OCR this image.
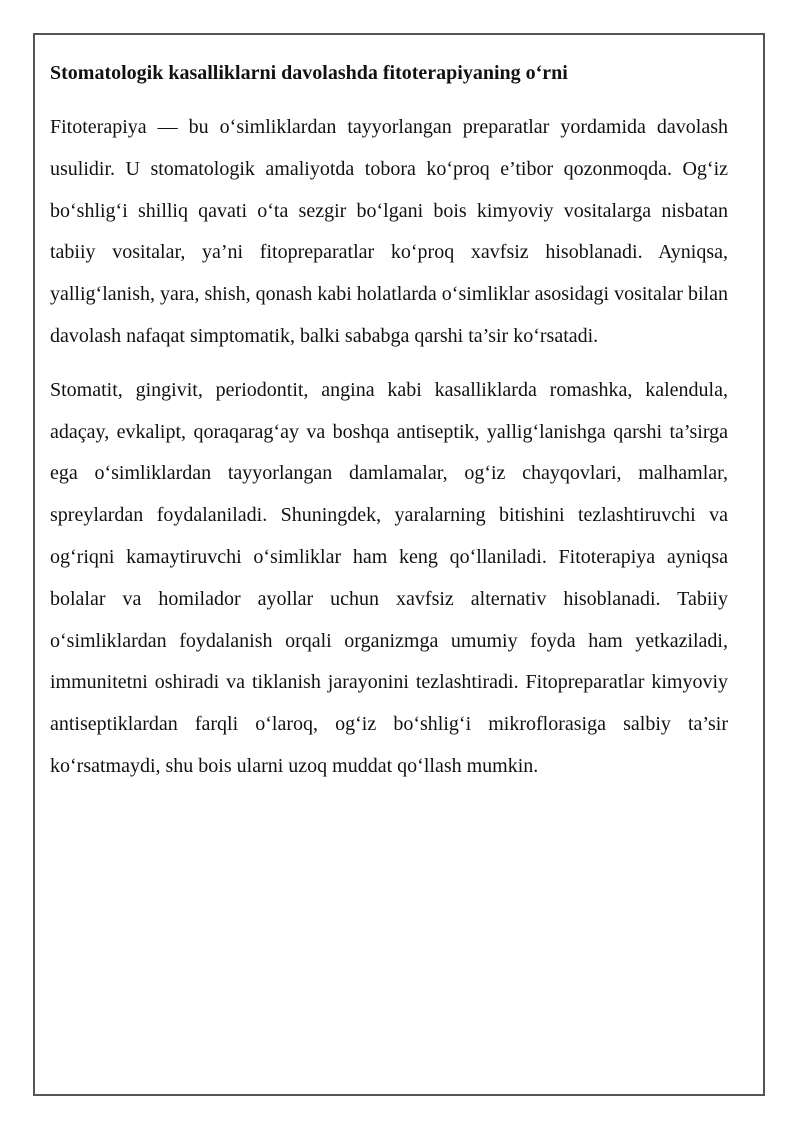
Stomatologik kasalliklarni davolashda fitoterapiyaning o‘rni

Fitoterapiya — bu o‘simliklardan tayyorlangan preparatlar yordamida davolash usulidir. U stomatologik amaliyotda tobora ko‘proq e’tibor qozonmoqda. Og‘iz bo‘shlig‘i shilliq qavati o‘ta sezgir bo‘lgani bois kimyoviy vositalarga nisbatan tabiiy vositalar, ya’ni fitopreparatlar ko‘proq xavfsiz hisoblanadi. Ayniqsa, yallig‘lanish, yara, shish, qonash kabi holatlarda o‘simliklar asosidagi vositalar bilan davolash nafaqat simptomatik, balki sababga qarshi ta’sir ko‘rsatadi.

Stomatit, gingivit, periodontit, angina kabi kasalliklarda romashka, kalendula, adaçay, evkalipt, qoraqarag‘ay va boshqa antiseptik, yallig‘lanishga qarshi ta’sirga ega o‘simliklardan tayyorlangan damlamalar, og‘iz chayqovlari, malhamlar, spreylardan foydalaniladi. Shuningdek, yaralarning bitishini tezlashtiruvchi va og‘riqni kamaytiruvchi o‘simliklar ham keng qo‘llaniladi. Fitoterapiya ayniqsa bolalar va homilador ayollar uchun xavfsiz alternativ hisoblanadi. Tabiiy o‘simliklardan foydalanish orqali organizmga umumiy foyda ham yetkaziladi, immunitetni oshiradi va tiklanish jarayonini tezlashtiradi. Fitopreparatlar kimyoviy antiseptiklardan farqli o‘laroq, og‘iz bo‘shlig‘i mikroflorasiga salbiy ta’sir ko‘rsatmaydi, shu bois ularni uzoq muddat qo‘llash mumkin.
